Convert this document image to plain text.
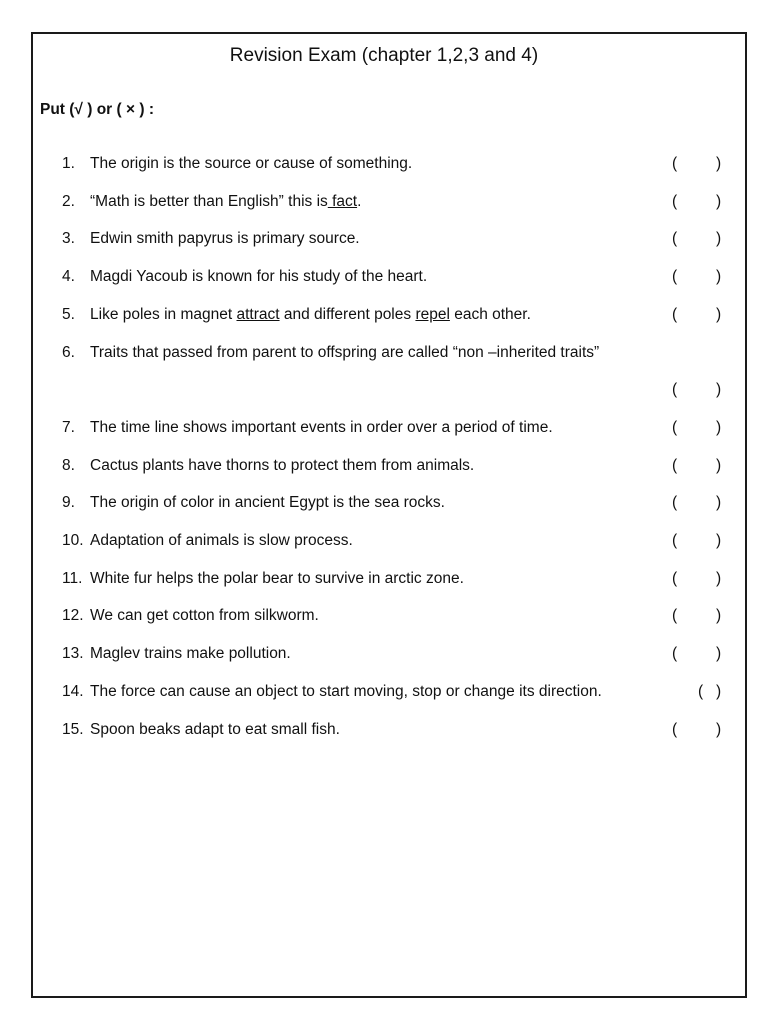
Revision Exam (chapter 1,2,3 and 4)
Put (√ ) or ( × ) :
1. The origin is the source or cause of something.	(	)
2. “Math is better than English” this is fact.	(	)
3. Edwin smith papyrus is primary source.	(	)
4. Magdi Yacoub is known for his study of the heart.	(	)
5. Like poles in magnet attract and different poles repel each other.	(	)
6. Traits that passed from parent to offspring are called “non –inherited traits”
(	)
7. The time line shows important events in order over a period of time.	(	)
8. Cactus plants have thorns to protect them from animals.	(	)
9. The origin of color in ancient Egypt is the sea rocks.	(	)
10. Adaptation of animals is slow process.	(	)
11. White fur helps the polar bear to survive in arctic zone.	(	)
12. We can get cotton from silkworm.	(	)
13. Maglev trains make pollution.	(	)
14. The force can cause an object to start moving, stop or change its direction.	( )
15. Spoon beaks adapt to eat small fish.	(	)
